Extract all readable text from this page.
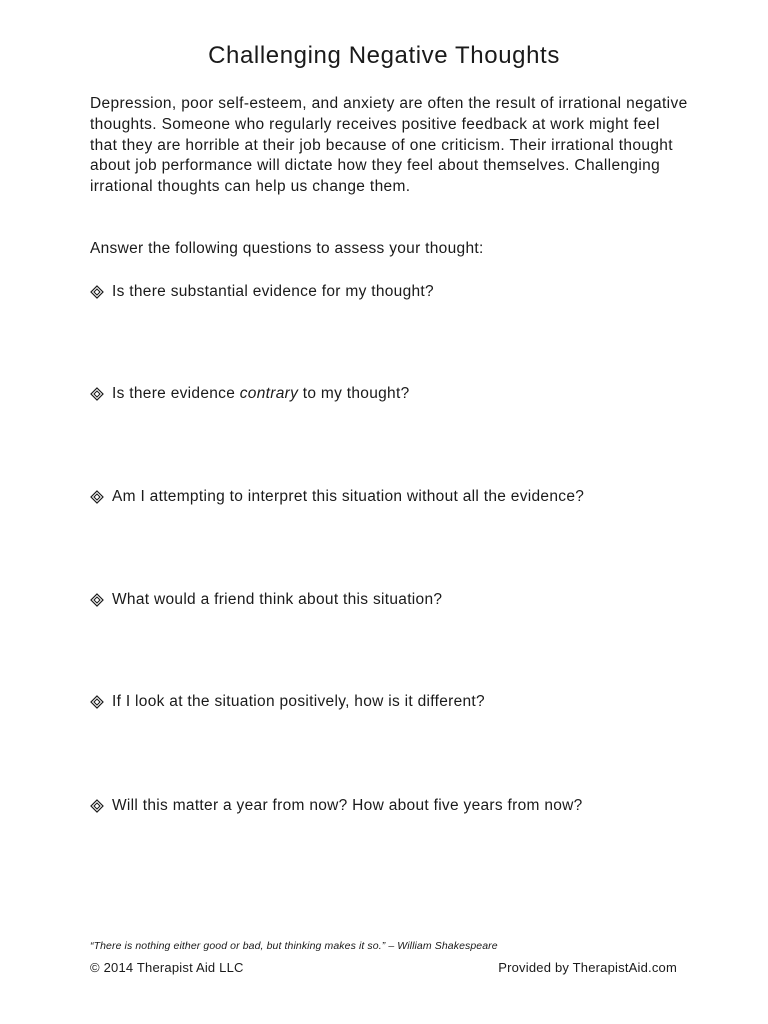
Challenging Negative Thoughts
Depression, poor self-esteem, and anxiety are often the result of irrational negative thoughts. Someone who regularly receives positive feedback at work might feel that they are horrible at their job because of one criticism. Their irrational thought about job performance will dictate how they feel about themselves. Challenging irrational thoughts can help us change them.
Answer the following questions to assess your thought:
Is there substantial evidence for my thought?
Is there evidence contrary to my thought?
Am I attempting to interpret this situation without all the evidence?
What would a friend think about this situation?
If I look at the situation positively, how is it different?
Will this matter a year from now? How about five years from now?
“There is nothing either good or bad, but thinking makes it so.” – William Shakespeare
© 2014 Therapist Aid LLC	Provided by TherapistAid.com
